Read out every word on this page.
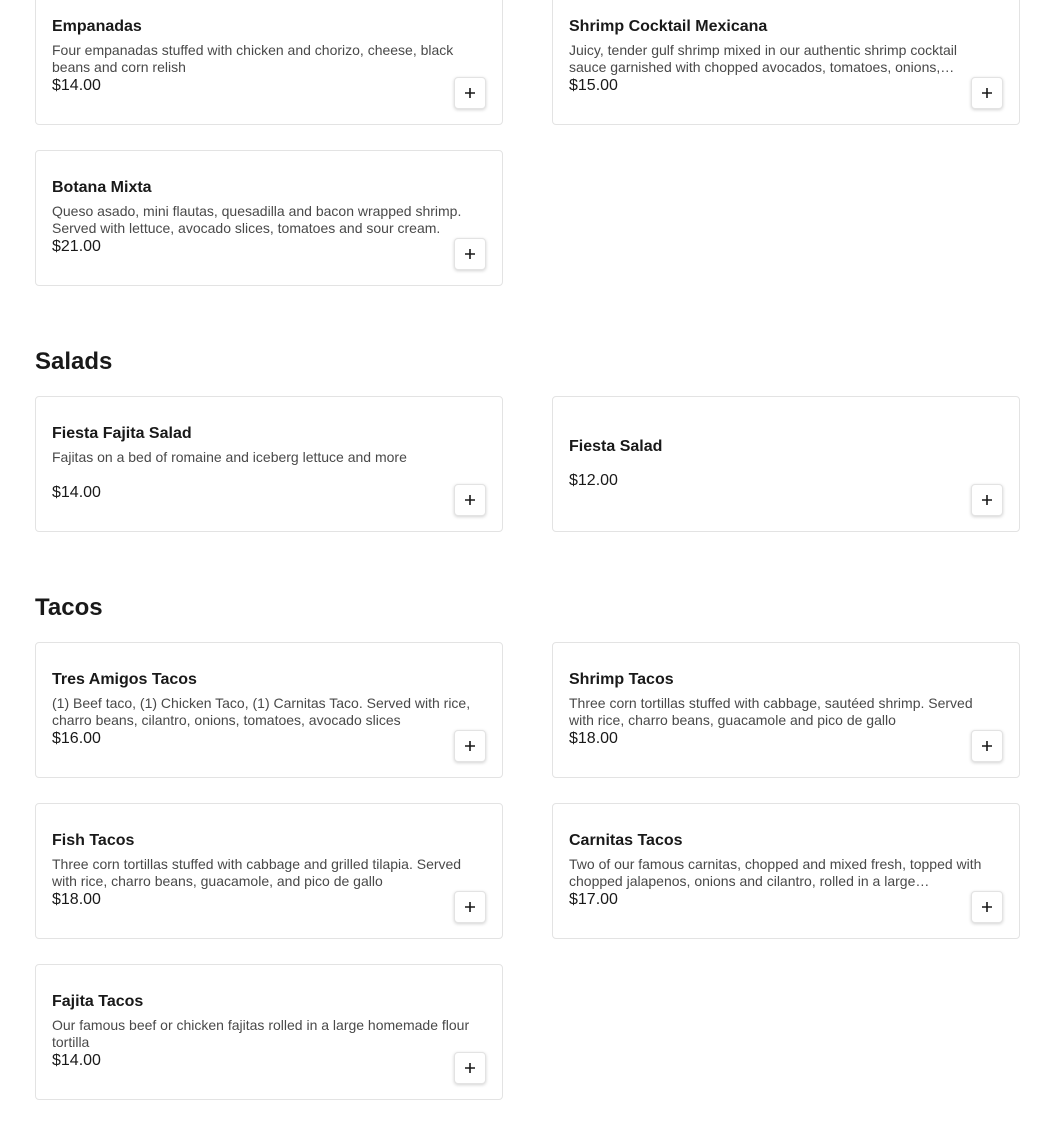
Empanadas
Four empanadas stuffed with chicken and chorizo, cheese, black beans and corn relish
$14.00
Shrimp Cocktail Mexicana
Juicy, tender gulf shrimp mixed in our authentic shrimp cocktail sauce garnished with chopped avocados, tomatoes, onions,
$15.00
Botana Mixta
Queso asado, mini flautas, quesadilla and bacon wrapped shrimp. Served with lettuce, avocado slices, tomatoes and sour cream.
$21.00
Salads
Fiesta Fajita Salad
Fajitas on a bed of romaine and iceberg lettuce and more
$14.00
Fiesta Salad
$12.00
Tacos
Tres Amigos Tacos
(1) Beef taco, (1) Chicken Taco, (1) Carnitas Taco. Served with rice, charro beans, cilantro, onions, tomatoes, avocado slices
$16.00
Shrimp Tacos
Three corn tortillas stuffed with cabbage, sautéed shrimp. Served with rice, charro beans, guacamole and pico de gallo
$18.00
Fish Tacos
Three corn tortillas stuffed with cabbage and grilled tilapia. Served with rice, charro beans, guacamole, and pico de gallo
$18.00
Carnitas Tacos
Two of our famous carnitas, chopped and mixed fresh, topped with chopped jalapenos, onions and cilantro, rolled in a large
$17.00
Fajita Tacos
Our famous beef or chicken fajitas rolled in a large homemade flour tortilla
$14.00
